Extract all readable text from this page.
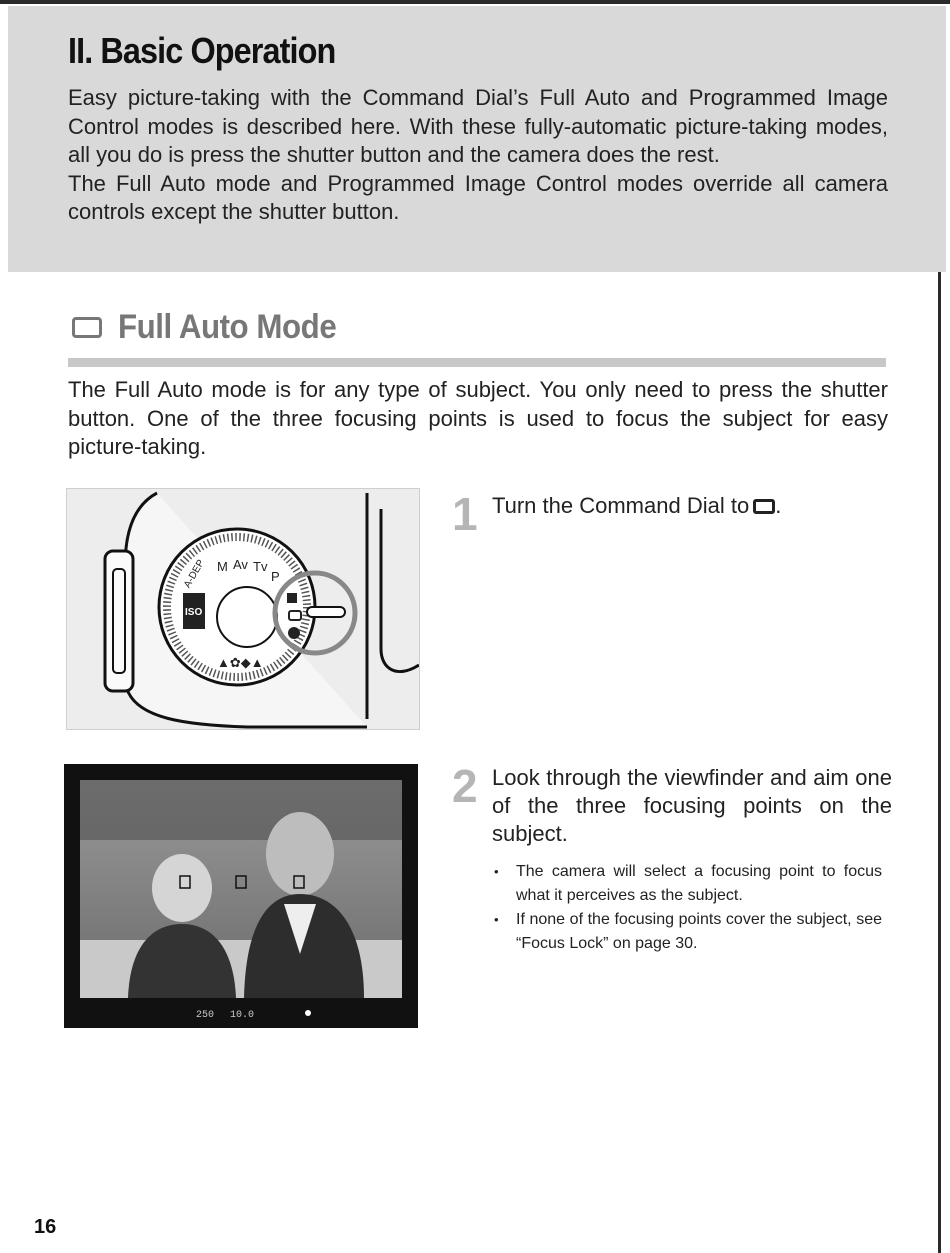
II. Basic Operation

Easy picture-taking with the Command Dial’s Full Auto and Programmed Image Control modes is described here. With these fully-automatic picture-taking modes, all you do is press the shutter button and the camera does the rest.

The Full Auto mode and Programmed Image Control modes override all camera controls except the shutter button.

Full Auto Mode

The Full Auto mode is for any type of subject. You only need to press the shutter button. One of the three focusing points is used to focus the subject for easy picture-taking.

M Av Tv
P
A-DEP
ISO
▲✿◆▲
1 Turn the Command Dial to .
250 10.0
2 Look through the viewfinder and aim one of the three focusing points on the subject.
• The camera will select a focusing point to focus what it perceives as the subject.
• If none of the focusing points cover the subject, see “Focus Lock” on page 30.
16
